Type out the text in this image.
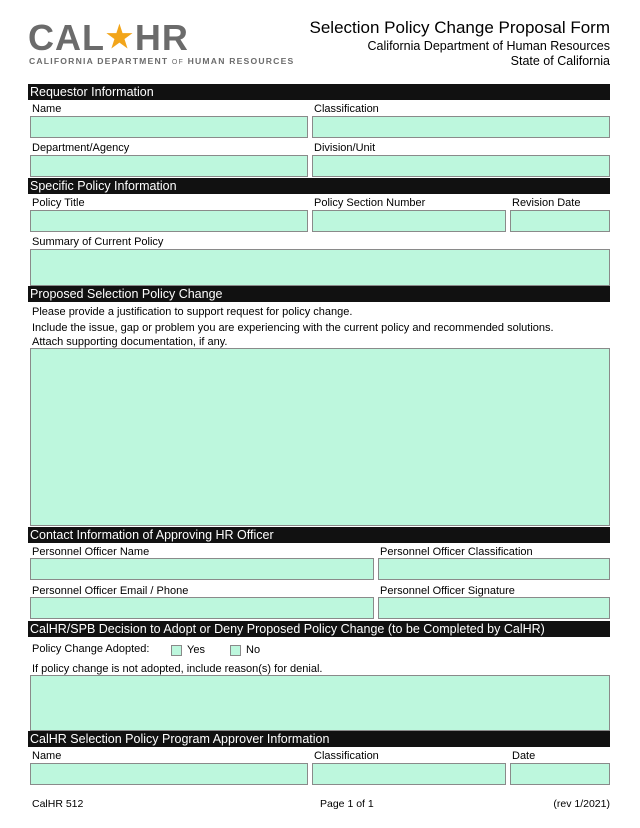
CAL★HR
CALIFORNIA DEPARTMENT OF HUMAN RESOURCES
Selection Policy Change Proposal Form
California Department of Human Resources
State of California
Requestor Information
Name	Classification
Department/Agency	Division/Unit
Specific Policy Information
Policy Title	Policy Section Number	Revision Date
Summary of Current Policy
Proposed Selection Policy Change
Please provide a justification to support request for policy change.
Include the issue, gap or problem you are experiencing with the current policy and recommended solutions.
Attach supporting documentation, if any.
Contact Information of Approving HR Officer
Personnel Officer Name	Personnel Officer Classification
Personnel Officer Email / Phone	Personnel Officer Signature
CalHR/SPB Decision to Adopt or Deny Proposed Policy Change (to be Completed by CalHR)
Policy Change Adopted:	Yes	No
If policy change is not adopted, include reason(s) for denial.
CalHR Selection Policy Program Approver Information
Name	Classification	Date
CalHR 512	Page 1 of 1	(rev 1/2021)
